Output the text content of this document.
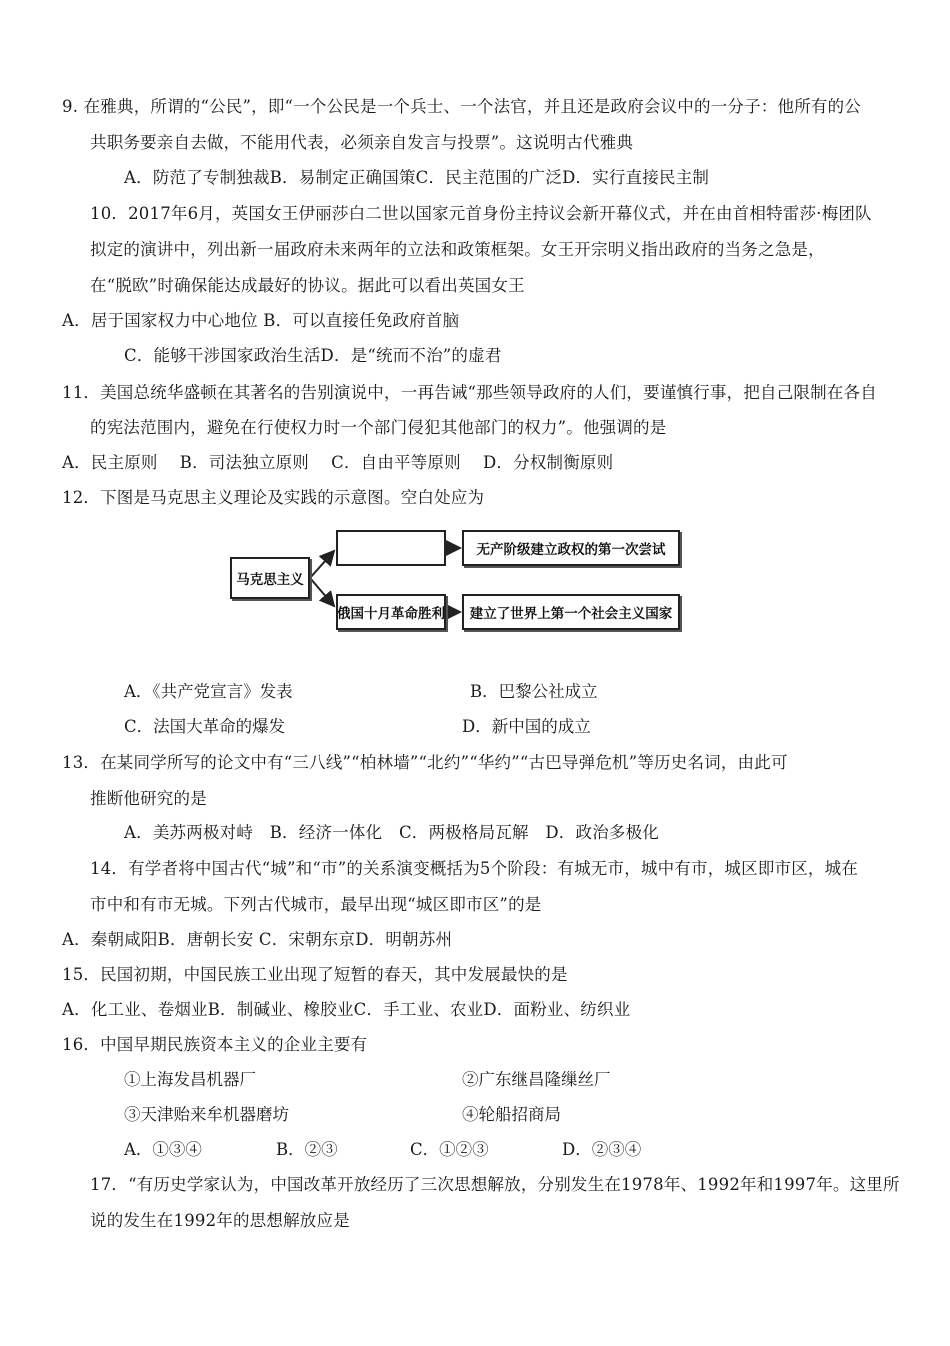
9. 在雅典，所谓的“公民”，即“一个公民是一个兵士、一个法官，并且还是政府会议中的一分子：他所有的公
共职务要亲自去做，不能用代表，必须亲自发言与投票”。这说明古代雅典
A．防范了专制独裁B．易制定正确国策C．民主范围的广泛D．实行直接民主制
10．2017年6月，英国女王伊丽莎白二世以国家元首身份主持议会新开幕仪式，并在由首相特雷莎·梅团队
拟定的演讲中，列出新一届政府未来两年的立法和政策框架。女王开宗明义指出政府的当务之急是，
在“脱欧”时确保能达成最好的协议。据此可以看出英国女王
A．居于国家权力中心地位 B．可以直接任免政府首脑
C．能够干涉国家政治生活D．是“统而不治”的虚君
11．美国总统华盛顿在其著名的告别演说中，一再告诫“那些领导政府的人们，要谨慎行事，把自己限制在各自
的宪法范围内，避免在行使权力时一个部门侵犯其他部门的权力”。他强调的是
A．民主原则　 B．司法独立原则　 C．自由平等原则　 D．分权制衡原则
12．下图是马克思主义理论及实践的示意图。空白处应为
马克思主义
无产阶级建立政权的第一次尝试
俄国十月革命胜利	建立了世界上第一个社会主义国家
A．《共产党宣言》发表	B．巴黎公社成立
C．法国大革命的爆发	D．新中国的成立
13．在某同学所写的论文中有“三八线”“柏林墙”“北约”“华约”“古巴导弹危机”等历史名词，由此可
推断他研究的是
A．美苏两极对峙　B．经济一体化　C．两极格局瓦解　D．政治多极化
14．有学者将中国古代“城”和“市”的关系演变概括为5个阶段：有城无市，城中有市，城区即市区，城在
市中和有市无城。下列古代城市，最早出现“城区即市区”的是
A．秦朝咸阳B．唐朝长安 C．宋朝东京D．明朝苏州
15．民国初期，中国民族工业出现了短暂的春天，其中发展最快的是
A．化工业、卷烟业B．制碱业、橡胶业C．手工业、农业D．面粉业、纺织业
16．中国早期民族资本主义的企业主要有
①上海发昌机器厂	②广东继昌隆缫丝厂
③天津贻来牟机器磨坊	④轮船招商局
A．①③④	B．②③	C．①②③	D．②③④
17．“有历史学家认为，中国改革开放经历了三次思想解放，分别发生在1978年、1992年和1997年。这里所
说的发生在1992年的思想解放应是
